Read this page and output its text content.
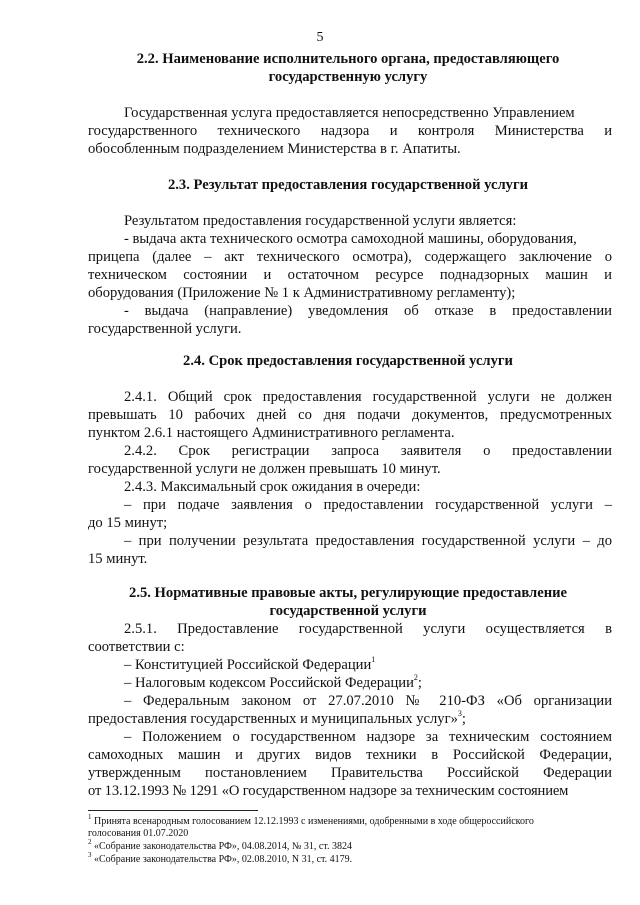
5
2.2. Наименование исполнительного органа, предоставляющего
государственную услугу
Государственная услуга предоставляется непосредственно Управлением
государственного технического надзора и контроля Министерства и
обособленным подразделением Министерства в г. Апатиты.
2.3. Результат предоставления государственной услуги
Результатом предоставления государственной услуги является:
- выдача акта технического осмотра самоходной машины, оборудования,
прицепа (далее – акт технического осмотра), содержащего заключение о
техническом состоянии и остаточном ресурсе поднадзорных машин и
оборудования (Приложение № 1 к Административному регламенту);
- выдача (направление) уведомления об отказе в предоставлении
государственной услуги.
2.4. Срок предоставления государственной услуги
2.4.1. Общий срок предоставления государственной услуги не должен
превышать 10 рабочих дней со дня подачи документов, предусмотренных
пунктом 2.6.1 настоящего Административного регламента.
2.4.2. Срок регистрации запроса заявителя о предоставлении
государственной услуги не должен превышать 10 минут.
2.4.3. Максимальный срок ожидания в очереди:
– при подаче заявления о предоставлении государственной услуги –
до 15 минут;
– при получении результата предоставления государственной услуги – до
15 минут.
2.5. Нормативные правовые акты, регулирующие предоставление
государственной услуги
2.5.1. Предоставление государственной услуги осуществляется в
соответствии с:
– Конституцией Российской Федерации$^1$
– Налоговым кодексом Российской Федерации$^2$;
– Федеральным законом от 27.07.2010 № 210-ФЗ «Об организации
предоставления государственных и муниципальных услуг»$^3$;
– Положением о государственном надзоре за техническим состоянием
самоходных машин и других видов техники в Российской Федерации,
утвержденным постановлением Правительства Российской Федерации
от 13.12.1993 № 1291 «О государственном надзоре за техническим состоянием
$^1$ Принята всенародным голосованием 12.12.1993 с изменениями, одобренными в ходе общероссийского
голосования 01.07.2020
$^2$ «Собрание законодательства РФ», 04.08.2014, № 31, ст. 3824
$^3$ «Собрание законодательства РФ», 02.08.2010, N 31, ст. 4179.
